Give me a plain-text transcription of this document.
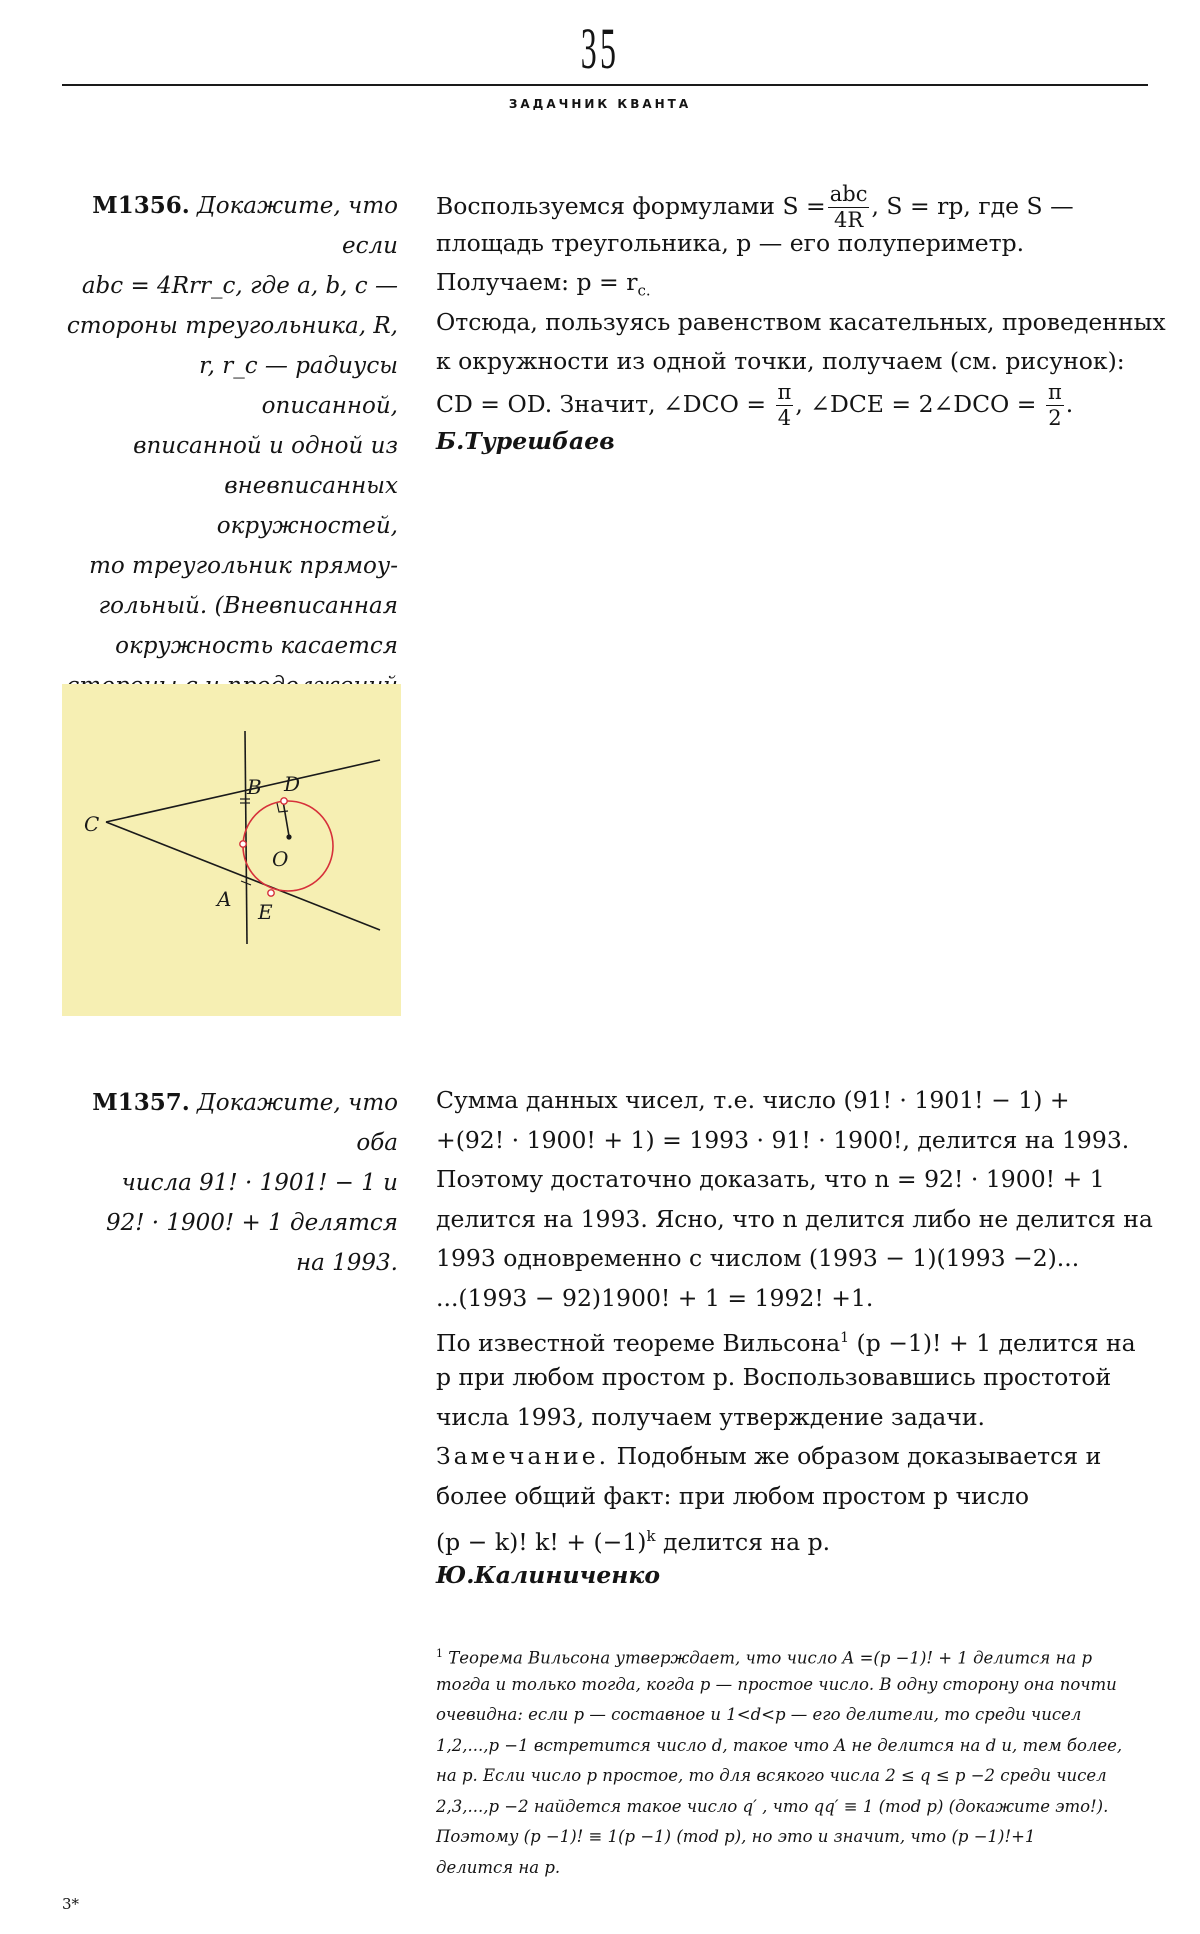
35
ЗАДАЧНИК КВАНТА
М1356. Докажите, что
если
abc = 4Rrr_c, где a, b, c —
стороны треугольника, R,
r, r_c — радиусы описанной,
вписанной и одной из
вневписанных окружностей,
то треугольник прямоу-
гольный. (Вневписанная
окружность касается
Воспользуемся формулами $S = \frac{\text{abc}}{4R}$ , S = rp, где S —
площадь треугольника, p — его полупериметр.
Получаем: $p = r_{c.}$
Отсюда, пользуясь равенством касательных, проведенных
к окружности из одной точки, получаем (см. рисунок):
CD = OD. Значит, ∠DCO = $\frac{\pi}{4}$ , ∠DCE = 2∠DCO = $\frac{\pi}{2}$ .
Б.Турешбаев
B D
C
O
A
E
М1357. Докажите, что оба
числа 91! · 1901! − 1 и
92! · 1900! + 1 делятся
на 1993.
Сумма данных чисел, т.е. число (91! · 1901! − 1) +
+(92! · 1900! + 1) = 1993 · 91! · 1900!, делится на 1993.
Поэтому достаточно доказать, что n = 92! · 1900! + 1
делится на 1993. Ясно, что n делится либо не делится на
1993 одновременно с числом (1993 − 1)(1993 −2)...
...(1993 − 92)1900! + 1 = 1992! +1.
По известной теореме Вильсона$^1$ (p −1)! + 1 делится на
p при любом простом p. Воспользовавшись простотой
числа 1993, получаем утверждение задачи.
Замечание. Подобным же образом доказывается и
более общий факт: при любом простом p число
(p − k)! k! + $(-1)^k$ делится на p.
Ю.Калиниченко
$^1$ Теорема Вильсона утверждает, что число A =(p −1)! + 1 делится на p
тогда и только тогда, когда p — простое число. В одну сторону она почти
очевидна: если p — составное и 1<d<p — его делители, то среди чисел
1,2,...,p −1 встретится число d, такое что A не делится на d и, тем более,
на p. Если число p простое, то для всякого числа 2 ≤ q ≤ p −2 среди чисел
2,3,...,p −2 найдется такое число q′ , что qq′ ≡ 1 (mod p) (докажите это!).
Поэтому (p −1)! ≡ 1(p −1) (mod p), но это и значит, что (p −1)!+1
делится на p.
3*
